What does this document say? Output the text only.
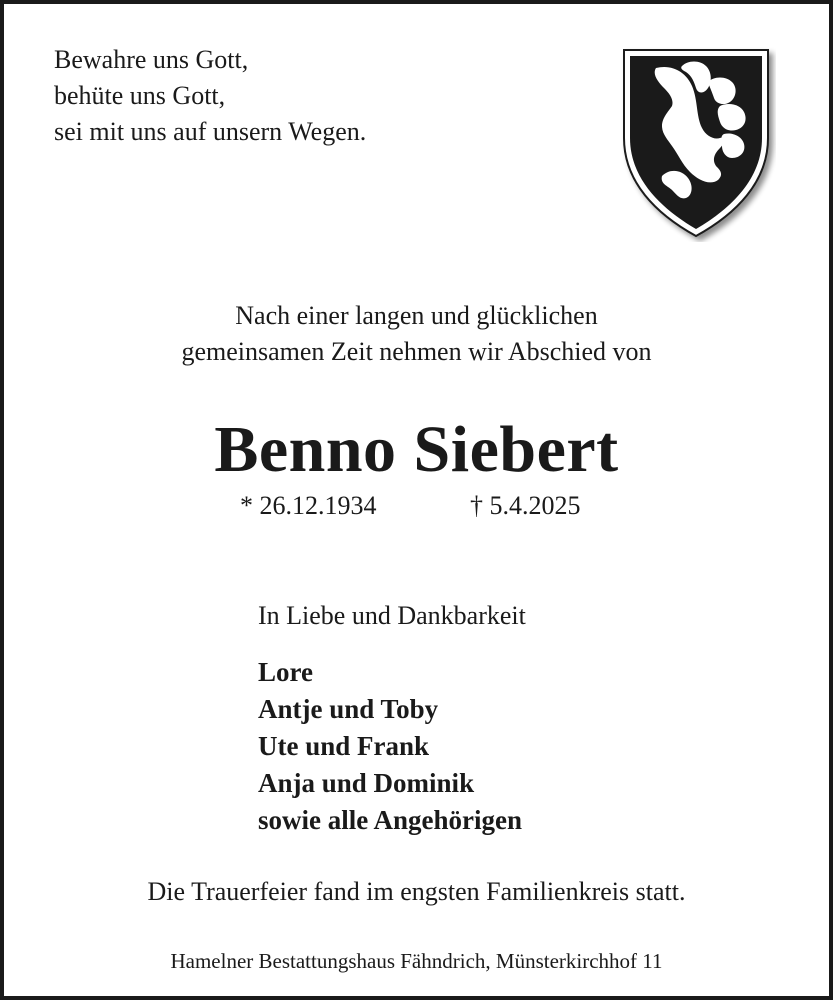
Bewahre uns Gott,
behüte uns Gott,
sei mit uns auf unsern Wegen.
Nach einer langen und glücklichen
gemeinsamen Zeit nehmen wir Abschied von
Benno Siebert
* 26.12.1934	† 5.4.2025
In Liebe und Dankbarkeit
Lore
Antje und Toby
Ute und Frank
Anja und Dominik
sowie alle Angehörigen
Die Trauerfeier fand im engsten Familienkreis statt.
Hamelner Bestattungshaus Fähndrich, Münsterkirchhof 11
